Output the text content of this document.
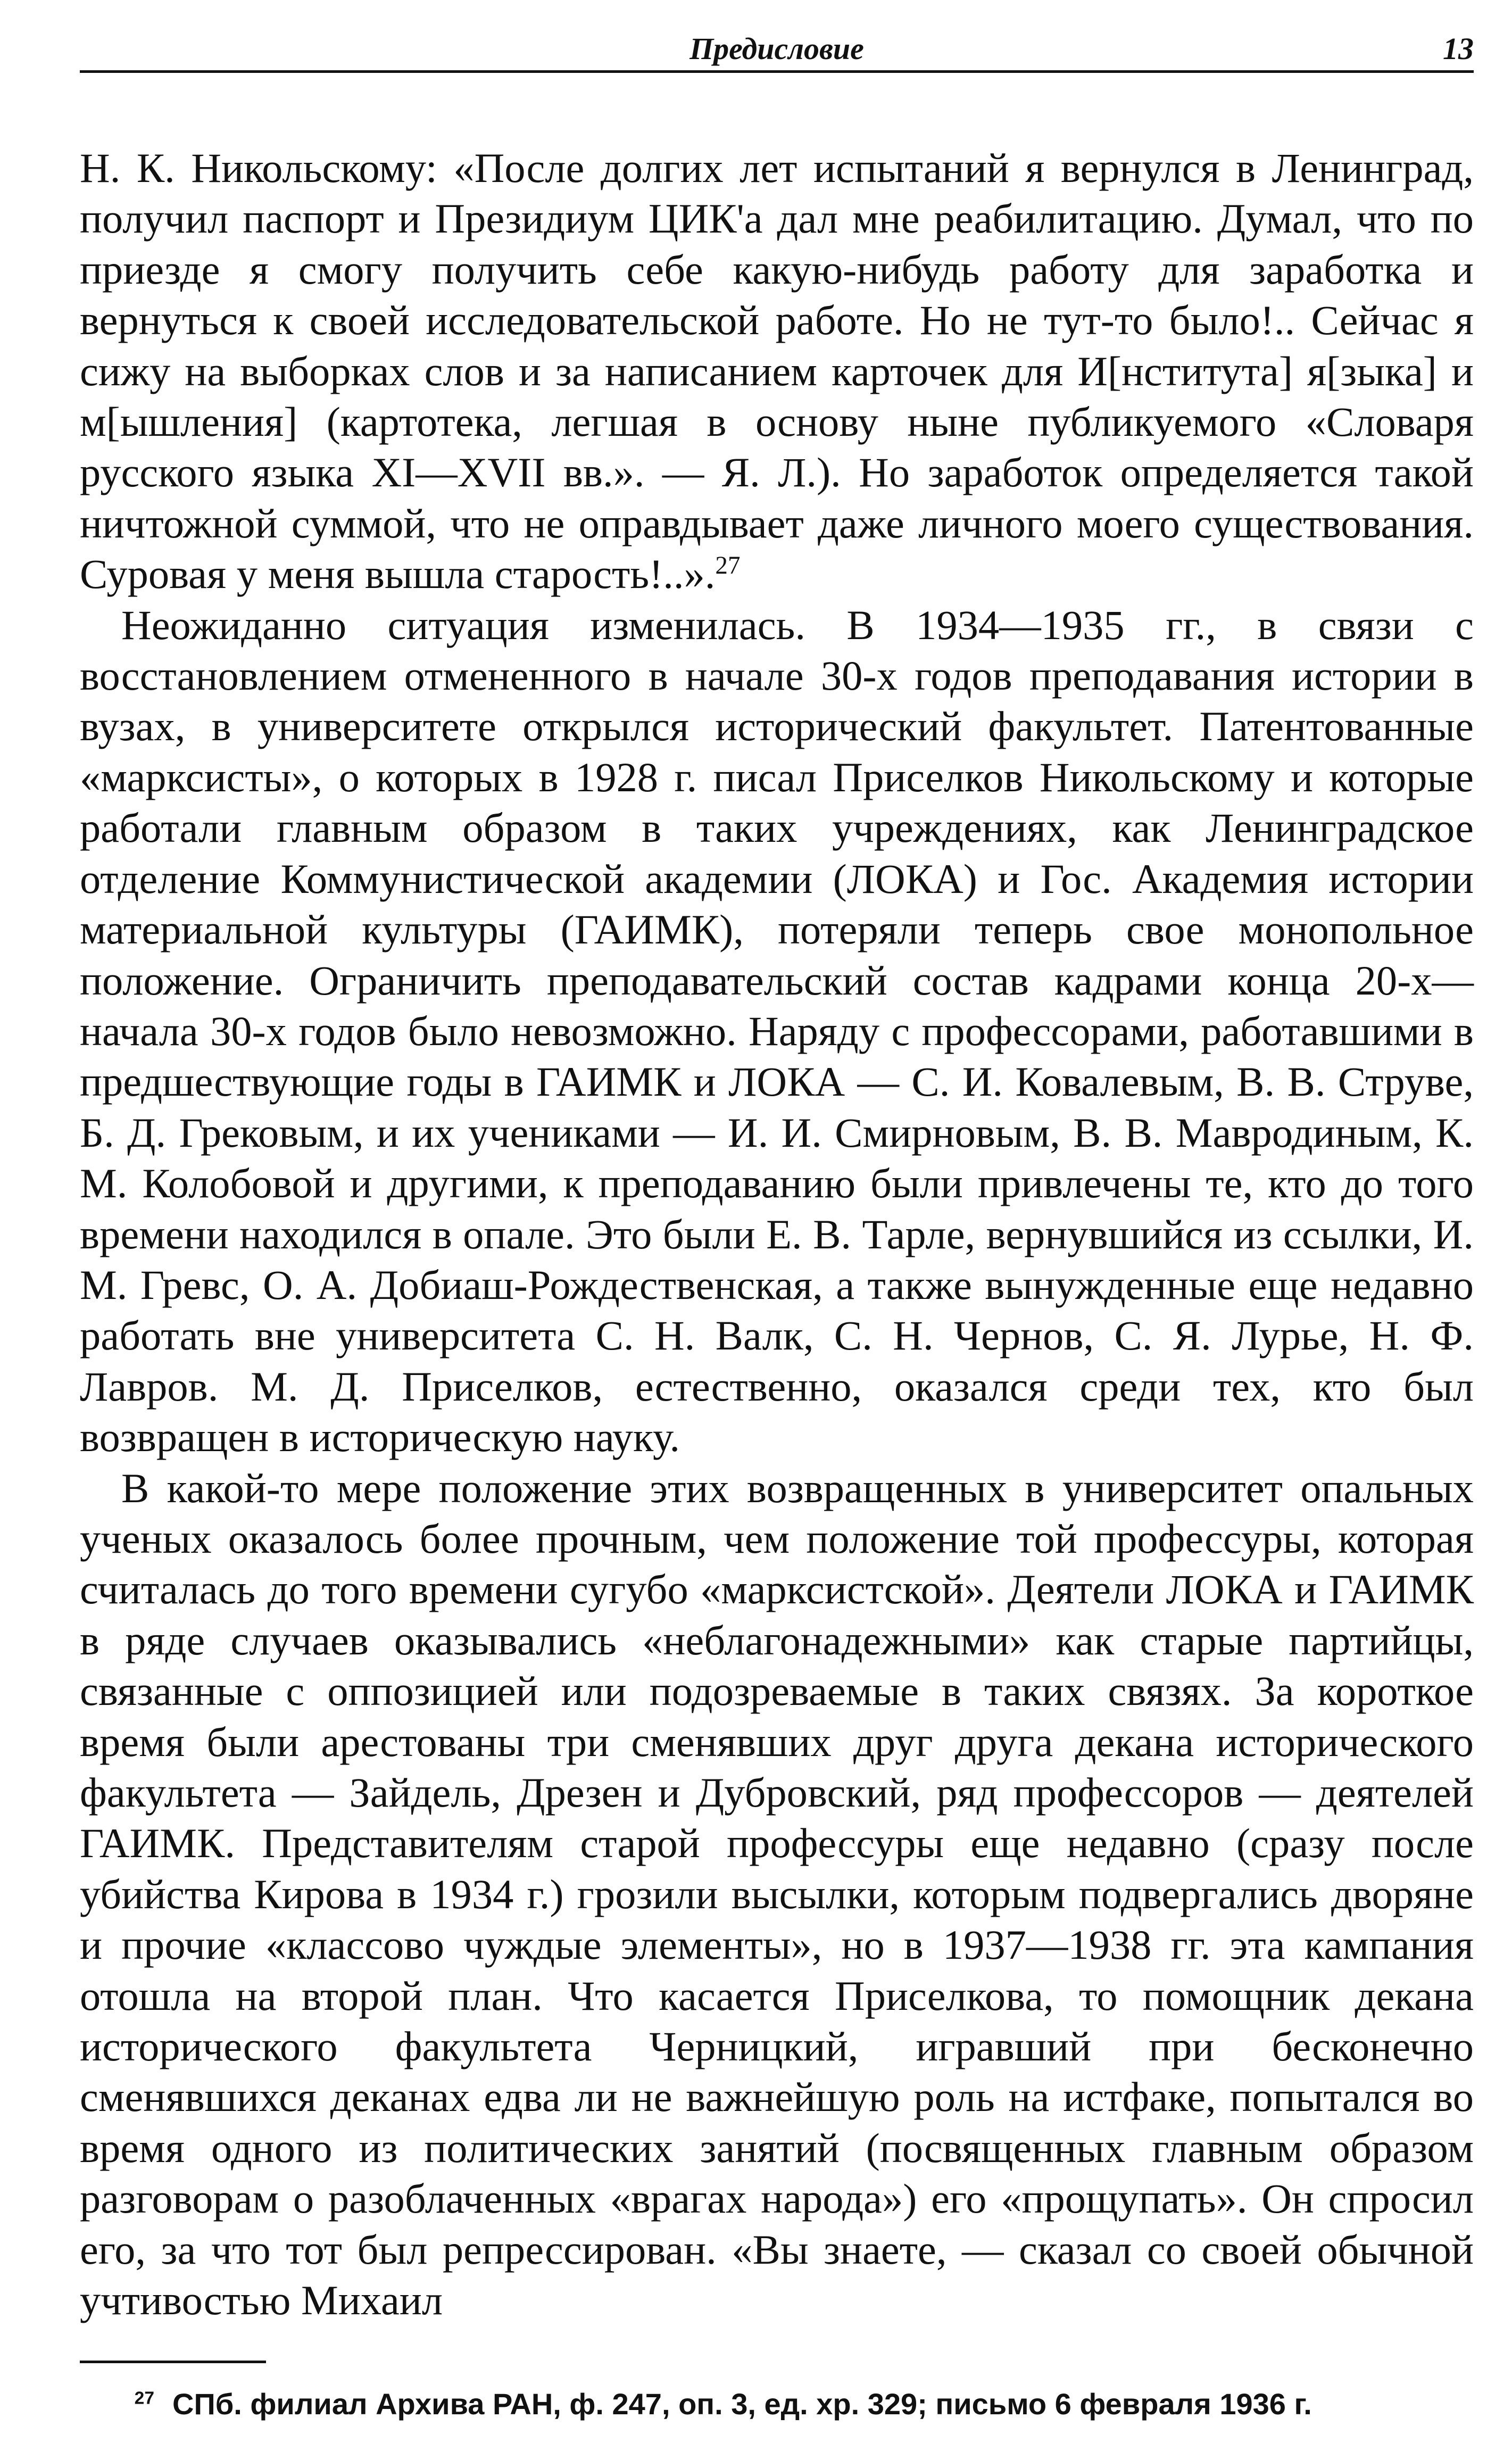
Предисловие	13

Н. К. Никольскому: «После долгих лет испытаний я вернулся в Ленинград, получил паспорт и Президиум ЦИК'а дал мне реабилитацию. Думал, что по приезде я смогу получить себе какую-нибудь работу для заработка и вернуться к своей исследовательской работе. Но не тут-то было!.. Сейчас я сижу на выборках слов и за написанием карточек для И[нститута] я[зыка] и м[ышления] (картотека, легшая в основу ныне публикуемого «Словаря русского языка XI—XVII вв.». — Я. Л.). Но заработок определяется такой ничтожной суммой, что не оправдывает даже личного моего существования. Суровая у меня вышла старость!..».$^{27}$

Неожиданно ситуация изменилась. В 1934—1935 гг., в связи с восстановлением отмененного в начале 30-х годов преподавания истории в вузах, в университете открылся исторический факультет. Патентованные «марксисты», о которых в 1928 г. писал Приселков Никольскому и которые работали главным образом в таких учреждениях, как Ленинградское отделение Коммунистической академии (ЛОКА) и Гос. Академия истории материальной культуры (ГАИМК), потеряли теперь свое монопольное положение. Ограничить преподавательский состав кадрами конца 20-х—начала 30-х годов было невозможно. Наряду с профессорами, работавшими в предшествующие годы в ГАИМК и ЛОКА — С. И. Ковалевым, В. В. Струве, Б. Д. Грековым, и их учениками — И. И. Смирновым, В. В. Мавродиным, К. М. Колобовой и другими, к преподаванию были привлечены те, кто до того времени находился в опале. Это были Е. В. Тарле, вернувшийся из ссылки, И. М. Гревс, О. А. Добиаш-Рождественская, а также вынужденные еще недавно работать вне университета С. Н. Валк, С. Н. Чернов, С. Я. Лурье, Н. Ф. Лавров. М. Д. Приселков, естественно, оказался среди тех, кто был возвращен в историческую науку.

В какой-то мере положение этих возвращенных в университет опальных ученых оказалось более прочным, чем положение той профессуры, которая считалась до того времени сугубо «марксистской». Деятели ЛОКА и ГАИМК в ряде случаев оказывались «неблагонадежными» как старые партийцы, связанные с оппозицией или подозреваемые в таких связях. За короткое время были арестованы три сменявших друг друга декана исторического факультета — Зайдель, Дрезен и Дубровский, ряд профессоров — деятелей ГАИМК. Представителям старой профессуры еще недавно (сразу после убийства Кирова в 1934 г.) грозили высылки, которым подвергались дворяне и прочие «классово чуждые элементы», но в 1937—1938 гг. эта кампания отошла на второй план. Что касается Приселкова, то помощник декана исторического факультета Черницкий, игравший при бесконечно сменявшихся деканах едва ли не важнейшую роль на истфаке, попытался во время одного из политических занятий (посвященных главным образом разговорам о разоблаченных «врагах народа») его «прощупать». Он спросил его, за что тот был репрессирован. «Вы знаете, — сказал со своей обычной учтивостью Михаил

$^{27}$ СПб. филиал Архива РАН, ф. 247, оп. 3, ед. хр. 329; письмо 6 февраля 1936 г.
